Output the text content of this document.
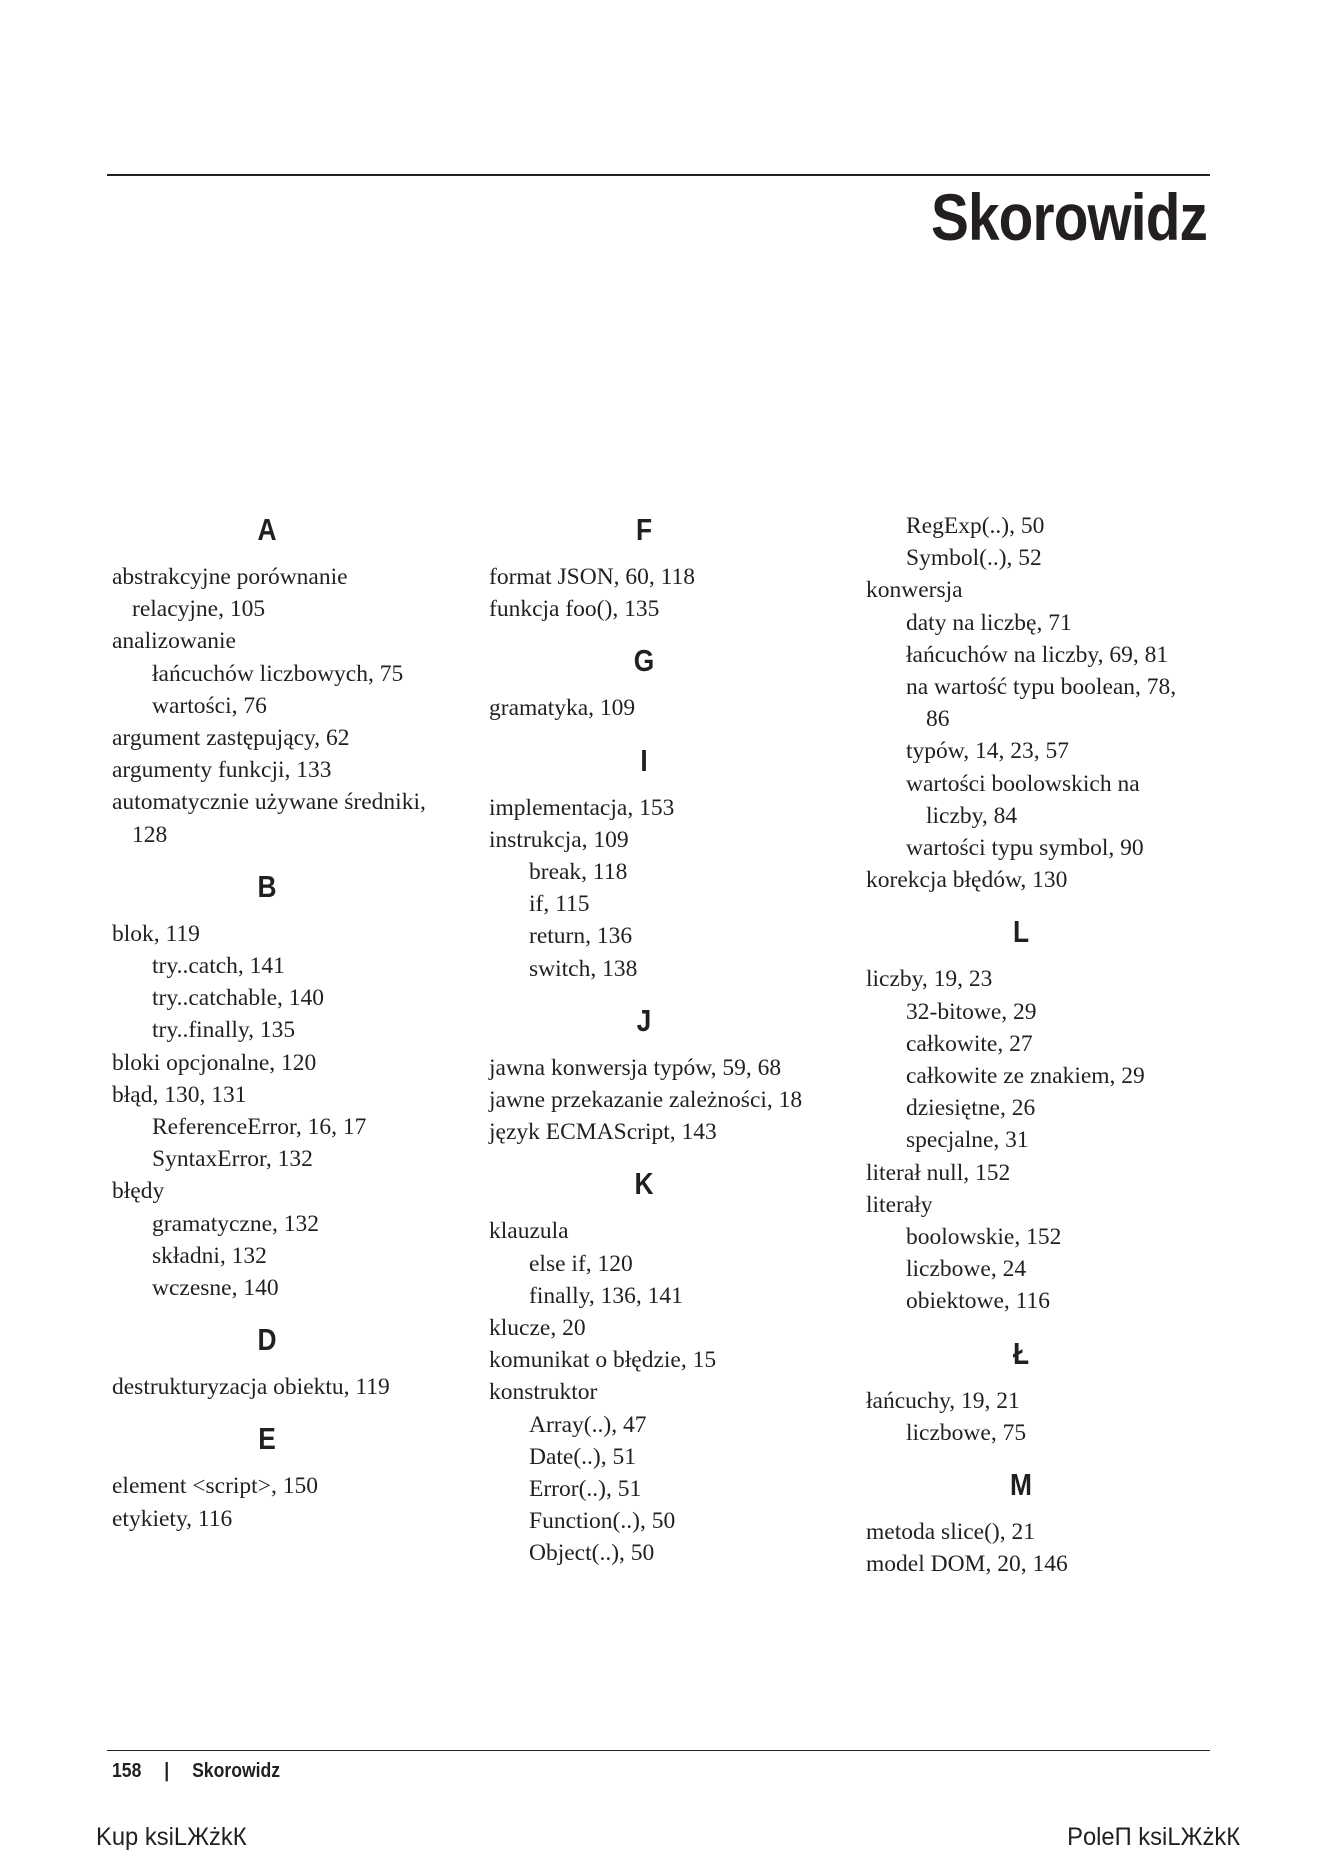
Skorowidz
A
abstrakcyjne porównanie
relacyjne, 105
analizowanie
łańcuchów liczbowych, 75
wartości, 76
argument zastępujący, 62
argumenty funkcji, 133
automatycznie używane średniki,
128
B
blok, 119
try..catch, 141
try..catchable, 140
try..finally, 135
bloki opcjonalne, 120
błąd, 130, 131
ReferenceError, 16, 17
SyntaxError, 132
błędy
gramatyczne, 132
składni, 132
wczesne, 140
D
destrukturyzacja obiektu, 119
E
element <script>, 150
etykiety, 116
F
format JSON, 60, 118
funkcja foo(), 135
G
gramatyka, 109
I
implementacja, 153
instrukcja, 109
break, 118
if, 115
return, 136
switch, 138
J
jawna konwersja typów, 59, 68
jawne przekazanie zależności, 18
język ECMAScript, 143
K
klauzula
else if, 120
finally, 136, 141
klucze, 20
komunikat o błędzie, 15
konstruktor
Array(..), 47
Date(..), 51
Error(..), 51
Function(..), 50
Object(..), 50
RegExp(..), 50
Symbol(..), 52
konwersja
daty na liczbę, 71
łańcuchów na liczby, 69, 81
na wartość typu boolean, 78,
86
typów, 14, 23, 57
wartości boolowskich na
liczby, 84
wartości typu symbol, 90
korekcja błędów, 130
L
liczby, 19, 23
32-bitowe, 29
całkowite, 27
całkowite ze znakiem, 29
dziesiętne, 26
specjalne, 31
literał null, 152
literały
boolowskie, 152
liczbowe, 24
obiektowe, 116
Ł
łańcuchy, 19, 21
liczbowe, 75
M
metoda slice(), 21
model DOM, 20, 146
158 | Skorowidz
Kup ksiLЖżkК	PoleП ksiLЖżkК
